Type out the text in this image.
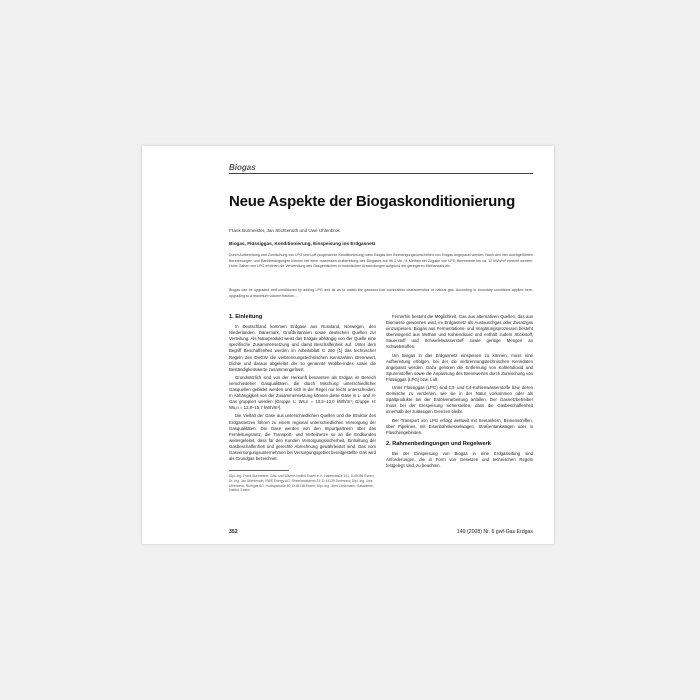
Biogas
Neue Aspekte der Biogaskonditionierung
Frank Burmeister, Jan Stichtenoth und Uwe Uhlenbrok
Biogas, Flüssiggas, Konditionierung, Einspeisung ins Erdgasnetz
Durch Aufbereitung und Zumischung von LPG und Luft (sogenannte Konditionierung) kann Biogas den Beimengungsvorschriften von Erdgas angepasst werden. Nach den hier durchgeführten Berechnungen und Randbedingungen können bei einer maximalen Aufbereitung des Biogases auf 96,3 Vol.-% Methan bei Zugabe von LPG Brennwerte bis ca. 12 kWh/m³ erreicht werden. Hohe Gaben von LPG erhöhen die Verwendung des Gasgemisches in motorischen Anwendungen aufgrund der geringeren Methanzahl etc.
Biogas can be upgraded and conditioned by adding LPG and air as to match the gaseous fuel combustion characteristics of natural gas. According to boundary conditions applied here, upgrading to a maximum volume fraction...
1. Einleitung

In Deutschland kommen Erdgase aus Russland, Norwegen, den Niederlanden, Dänemark, Großbritannien sowie deutschen Quellen zur Verteilung. Als Naturprodukt weist das Erdgas abhängig von der Quelle eine spezifische Zusammensetzung und damit Beschaffenheit auf. Unter dem Begriff Beschaffenheit werden im Arbeitsblatt G 260 [1] das technischer Regeln des DVGW die verbrennungstechnischen Kennzahlen Brennwert, Dichte und daraus abgeleitet der so genannte Wobbe-Index sowie die Beständigkeitswerte zusammengefasst.

Grundsätzlich sind von der Herkunft benannten als Erdgas im Bereich verschiedener Gasqualitäten, die durch Mischung unterschiedlicher Gasquellen gebildet werden und sich in der Regel nur leicht unterscheiden. In Abhängigkeit von der Zusammensetzung können diese Gase in L- und H-Gas gruppiert werden (Gruppe L: Ws,n = 10,5–13,0 kWh/m³; Gruppe H: Ws,n = 12,8–15,7 kWh/m³).

Die Vielfalt der Gase aus unterschiedlichen Quellen und die Struktur des Erdgasnetzes führen zu einem regional unterschiedlichen Versorgung der Gasqualitäten. Die Gase werden von den Importpartnern über das Fernleitungsnetz, die Transport- und Verteilnetze so an die Endkunden weitergeleitet, dass für den Kunden Versorgungssicherheit, Einhaltung der Gasbeschaffenheit und gerechte Abrechnung gewährleistet sind. Das vom Gasversorgungsunternehmen bei Versorgungsgebiet bereitgestellte Gas wird als Grundgas bezeichnet.

Dipl.-Ing. Frank Burmeister, Gas- und Wärme-Institut Essen e.V., Hafenstraße 101, D-45356 Essen; Dr.-Ing. Jan Stichtenoth, RWE Energy AG, Rheinlanddamm 24, D-44139 Dortmund; Dipl.-Ing. Uwe Uhlenbrok, Ruhrgas AG, Huttropstraße 60, D-45138 Essen; Dipl.-Ing. Jens Lindemann, Gaswärme-Institut, Essen.

Fernerhin besteht die Möglichkeit, Gas aus alternativen Quellen, das aus Biomasse gewonnen wird, im Erdgasnetz als Austauschgas oder Zusatzgas einzuspeisen. Biogas aus Fermentations- und Vergärungsprozessen besteht überwiegend aus Methan und Kohlendioxid und enthält zudem Stickstoff, Sauerstoff und Schwefelwasserstoff sowie geringe Mengen an Schwebstoffen.

Um Biogas in das Erdgasnetz einspeisen zu können, muss eine Aufbereitung erfolgen, bei der die verbrennungstechnischen Kenndaten angepasst werden. Dazu gehören die Entfernung von Kohlendioxid und Spurenstoffen sowie die Anpassung des Brennwertes durch Zumischung von Flüssiggas (LPG) bzw. Luft.

Unter Flüssiggas (LPG) sind C3- und C4-Kohlenwasserstoffe bzw. deren Gemische zu verstehen, wie sie in der Natur vorkommen oder als Spaltprodukte bei der Erdölverarbeitung anfallen. Der Gasnetzbetreiber muss bei der Einspeisung sicherstellen, dass die Gasbeschaffenheit innerhalb der zulässigen Grenzen bleibt.

Der Transport von LPG erfolgt weltweit mit Seetankern, Binnenschiffen, über Pipelines, mit Eisenbahnkesselwagen, Straßentankwagen oder in Flaschengebinden.

2. Rahmenbedingungen und Regelwerk

Bei der Einspeisung von Biogas in eine Erdgasleitung sind Anforderungen, die in Form von Gesetzen und technischen Regeln festgelegt sind, zu beachten.

352	149 (2008) Nr. 6 gwf-Gas Erdgas
